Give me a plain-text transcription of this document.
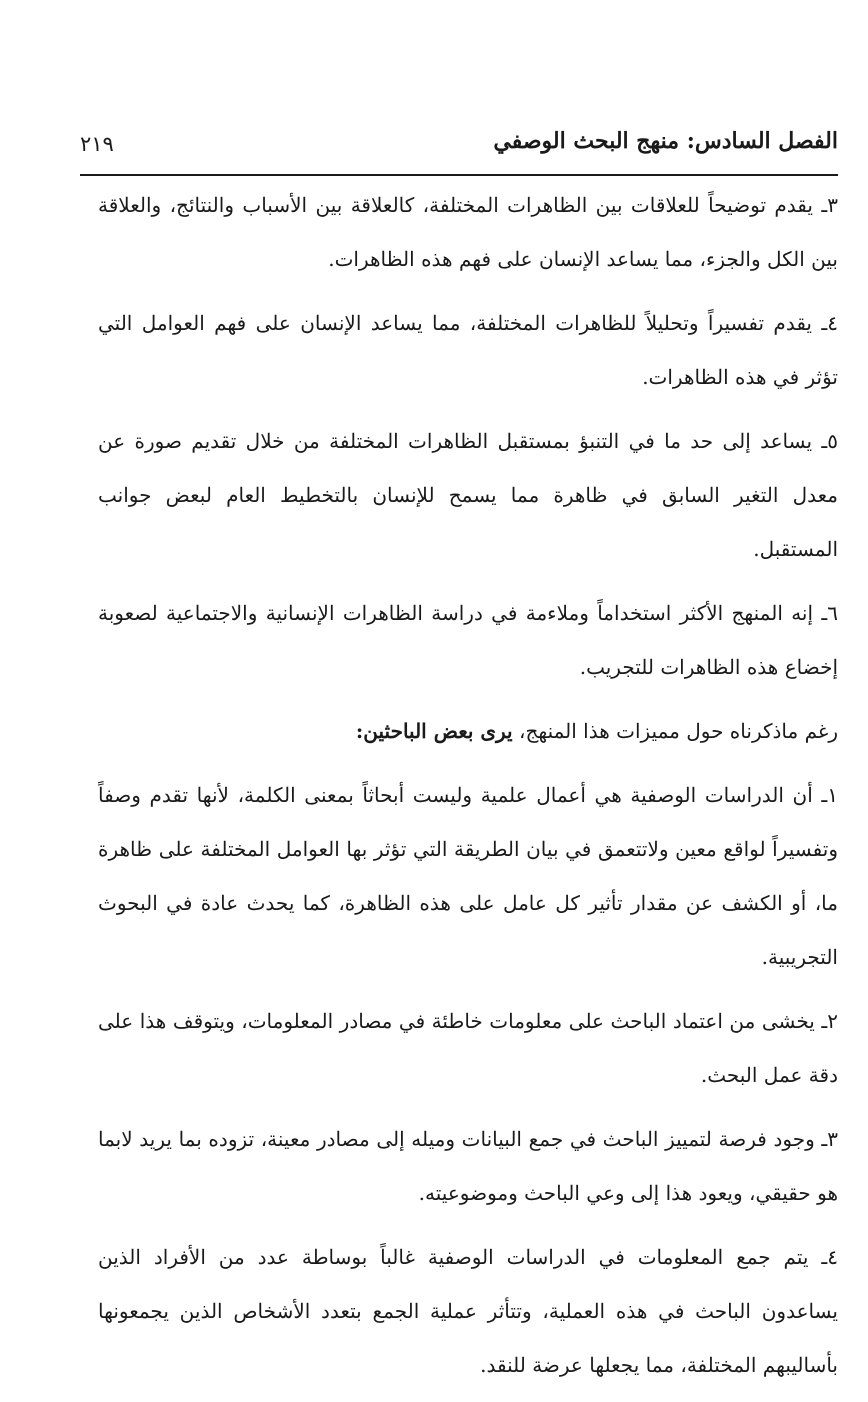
الفصل السادس: منهج البحث الوصفي
٢١٩

٣ـ يقدم توضيحاً للعلاقات بين الظاهرات المختلفة، كالعلاقة بين الأسباب والنتائج، والعلاقة بين الكل والجزء، مما يساعد الإنسان على فهم هذه الظاهرات.

٤ـ يقدم تفسيراً وتحليلاً للظاهرات المختلفة، مما يساعد الإنسان على فهم العوامل التي تؤثر في هذه الظاهرات.

٥ـ يساعد إلى حد ما في التنبؤ بمستقبل الظاهرات المختلفة من خلال تقديم صورة عن معدل التغير السابق في ظاهرة مما يسمح للإنسان بالتخطيط العام لبعض جوانب المستقبل.

٦ـ إنه المنهج الأكثر استخداماً وملاءمة في دراسة الظاهرات الإنسانية والاجتماعية لصعوبة إخضاع هذه الظاهرات للتجريب.

رغم ماذكرناه حول مميزات هذا المنهج، يرى بعض الباحثين:

١ـ أن الدراسات الوصفية هي أعمال علمية وليست أبحاثاً بمعنى الكلمة، لأنها تقدم وصفاً وتفسيراً لواقع معين ولاتتعمق في بيان الطريقة التي تؤثر بها العوامل المختلفة على ظاهرة ما، أو الكشف عن مقدار تأثير كل عامل على هذه الظاهرة، كما يحدث عادة في البحوث التجريبية.

٢ـ يخشى من اعتماد الباحث على معلومات خاطئة في مصادر المعلومات، ويتوقف هذا على دقة عمل البحث.

٣ـ وجود فرصة لتمييز الباحث في جمع البيانات وميله إلى مصادر معينة، تزوده بما يريد لابما هو حقيقي، ويعود هذا إلى وعي الباحث وموضوعيته.

٤ـ يتم جمع المعلومات في الدراسات الوصفية غالباً بوساطة عدد من الأفراد الذين يساعدون الباحث في هذه العملية، وتتأثر عملية الجمع بتعدد الأشخاص الذين يجمعونها بأساليبهم المختلفة، مما يجعلها عرضة للنقد.
